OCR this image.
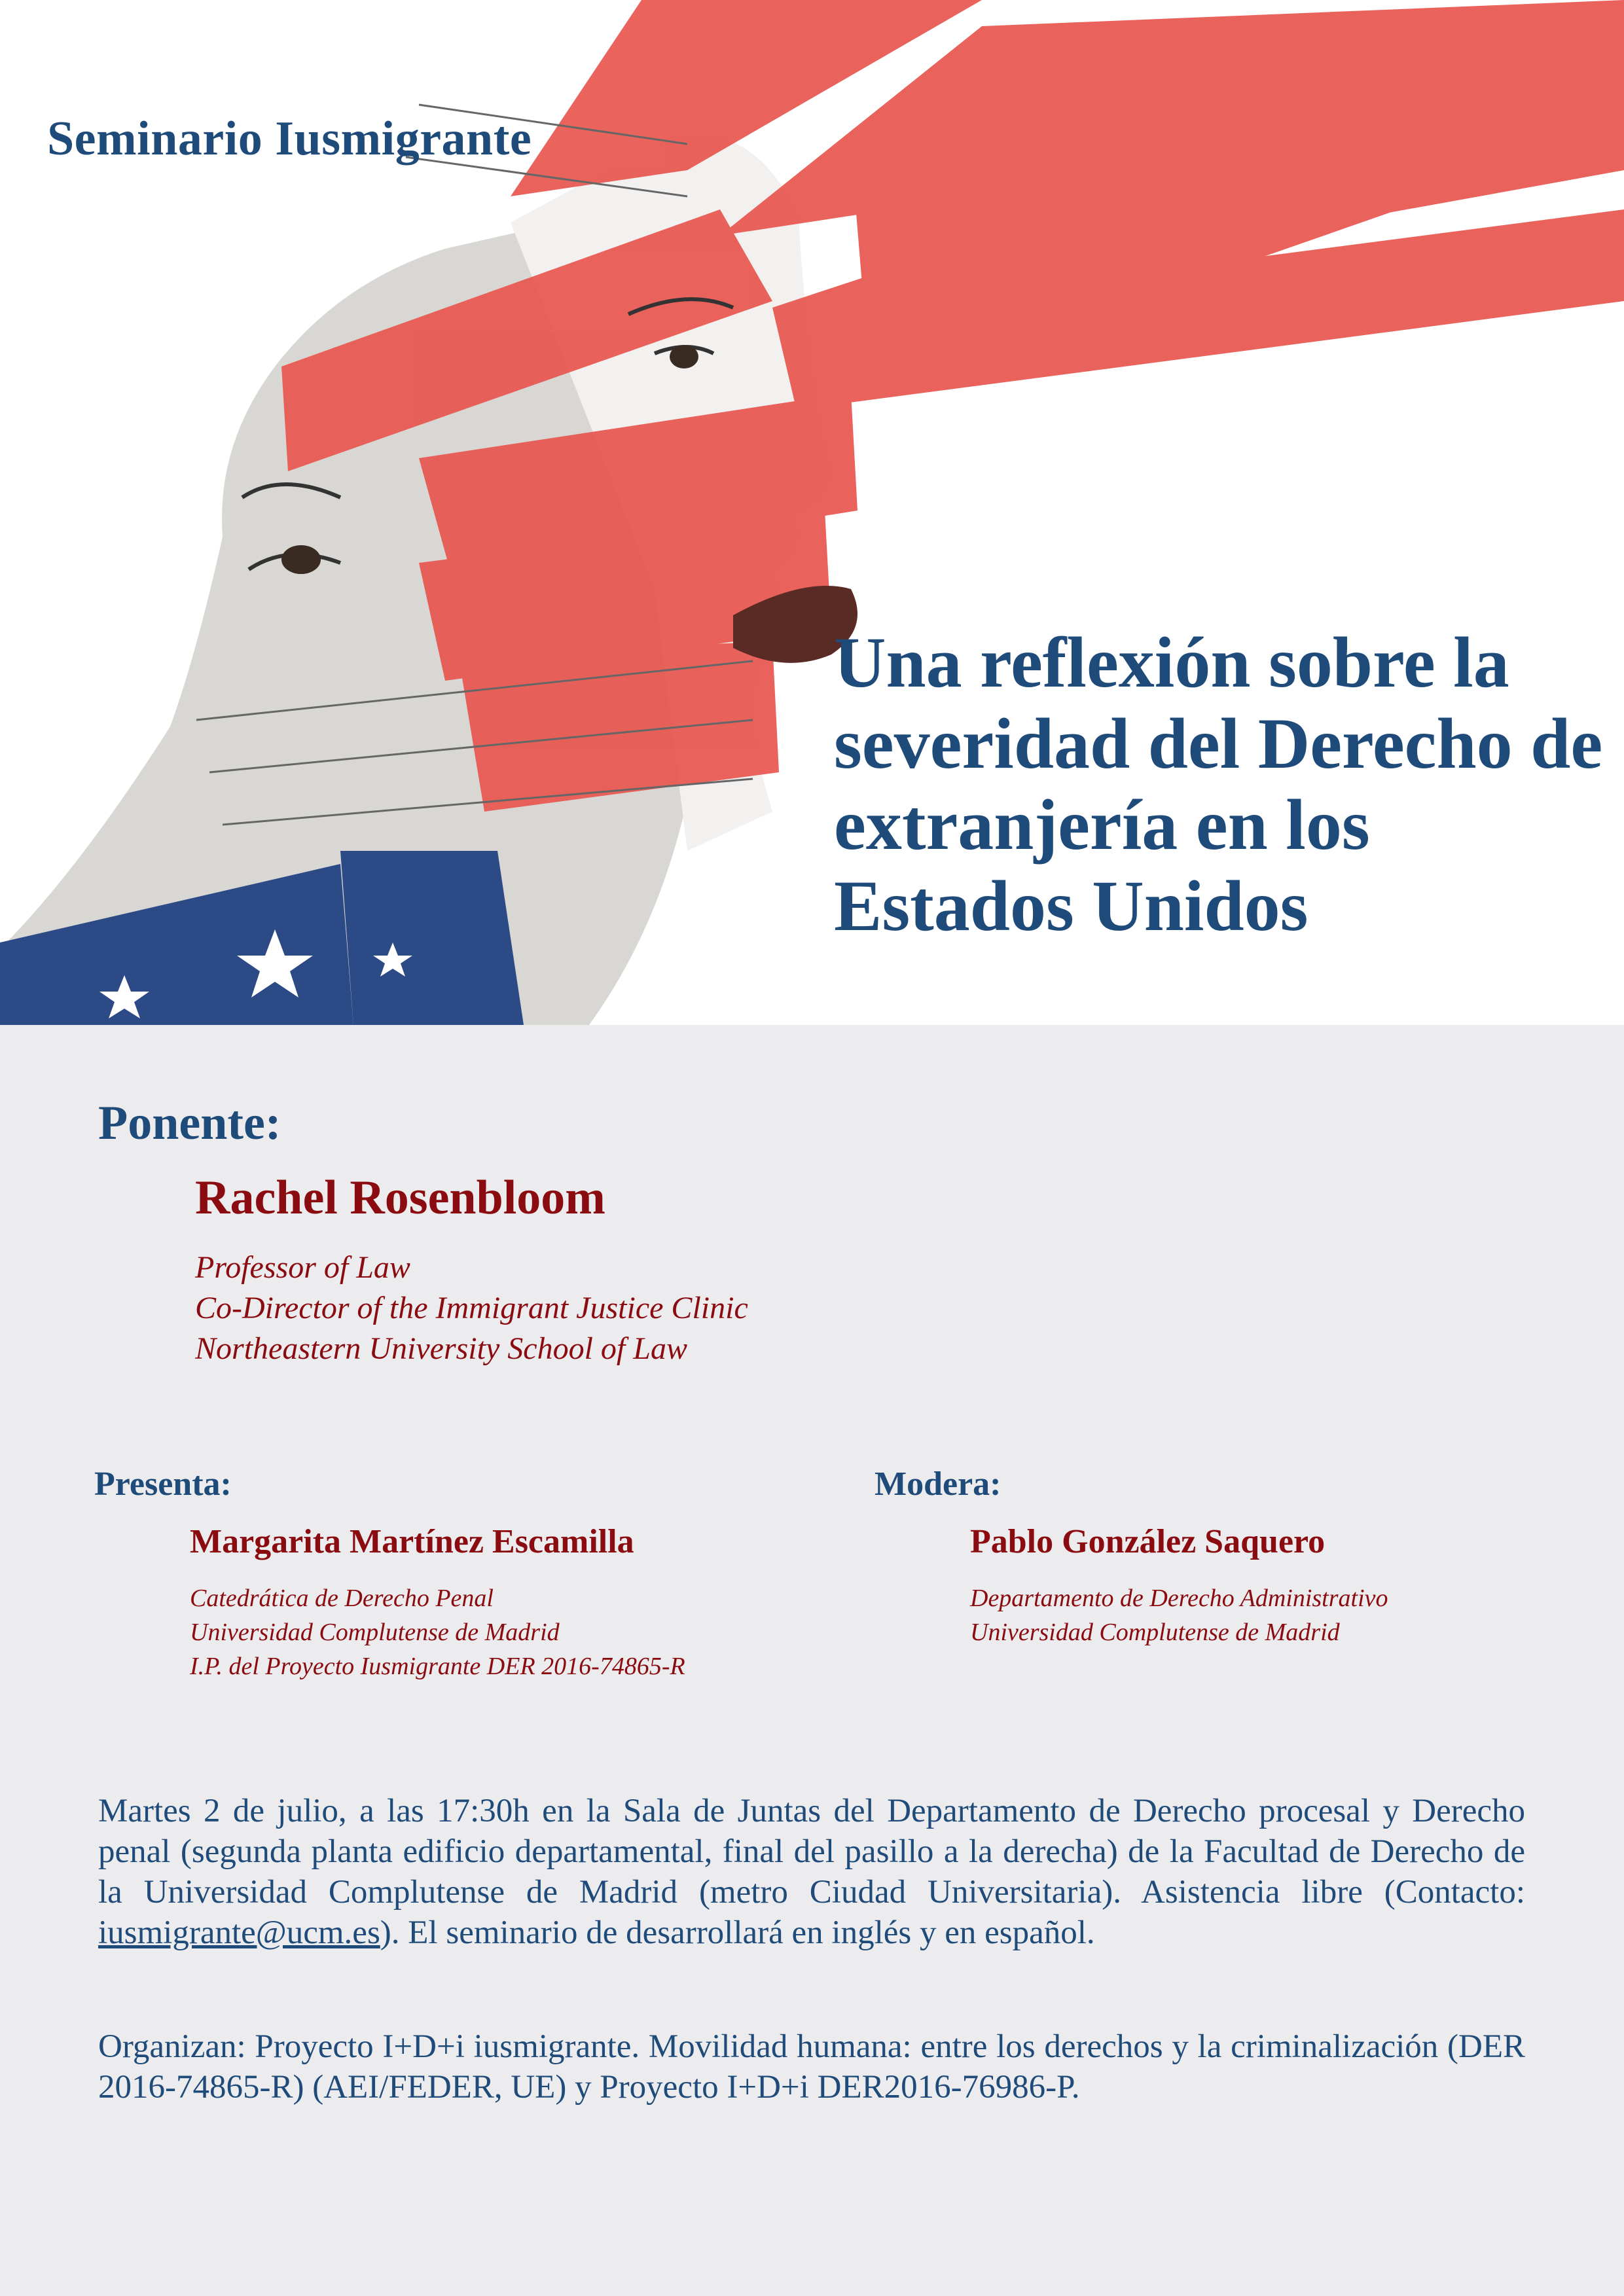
Seminario Iusmigrante
Una reflexión sobre la severidad del Derecho de extranjería en los Estados Unidos

Ponente:

Rachel Rosenbloom

Professor of Law
Co-Director of the Immigrant Justice Clinic
Northeastern University School of Law

Presenta:

Margarita Martínez Escamilla

Catedrática de Derecho Penal
Universidad Complutense de Madrid
I.P. del Proyecto Iusmigrante DER 2016-74865-R

Modera:

Pablo González Saquero

Departamento de Derecho Administrativo
Universidad Complutense de Madrid

Martes 2 de julio, a las 17:30h en la Sala de Juntas del Departamento de Derecho procesal y Derecho penal (segunda planta edificio departamental, final del pasillo a la derecha) de la Facultad de Derecho de la Universidad Complutense de Madrid (metro Ciudad Universitaria). Asistencia libre (Contacto: iusmigrante@ucm.es). El seminario de desarrollará en inglés y en español.

Organizan: Proyecto I+D+i iusmigrante. Movilidad humana: entre los derechos y la criminalización (DER 2016-74865-R) (AEI/FEDER, UE) y Proyecto I+D+i DER2016-76986-P.
